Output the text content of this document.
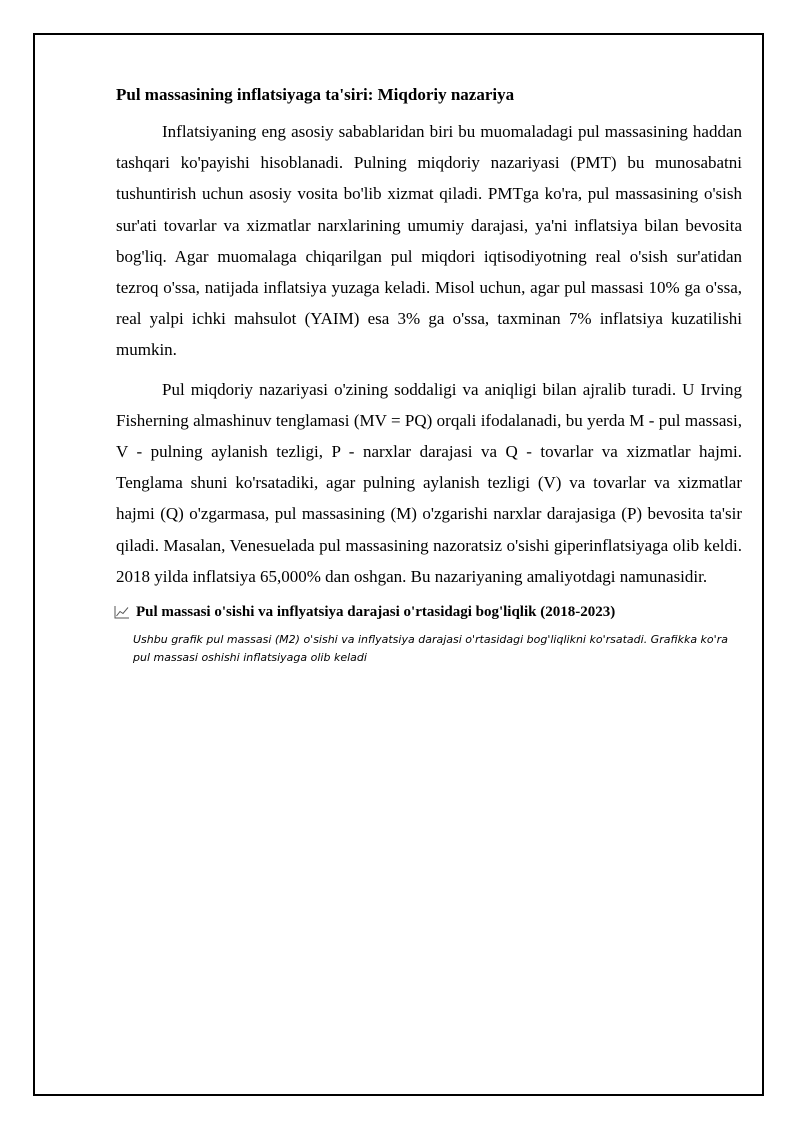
Pul massasining inflatsiyaga ta'siri: Miqdoriy nazariya

Inflatsiyaning eng asosiy sabablaridan biri bu muomaladagi pul massasining haddan tashqari ko'payishi hisoblanadi. Pulning miqdoriy nazariyasi (PMT) bu munosabatni tushuntirish uchun asosiy vosita bo'lib xizmat qiladi. PMTga ko'ra, pul massasining o'sish sur'ati tovarlar va xizmatlar narxlarining umumiy darajasi, ya'ni inflatsiya bilan bevosita bog'liq. Agar muomalaga chiqarilgan pul miqdori iqtisodiyotning real o'sish sur'atidan tezroq o'ssa, natijada inflatsiya yuzaga keladi. Misol uchun, agar pul massasi 10% ga o'ssa, real yalpi ichki mahsulot (YAIM) esa 3% ga o'ssa, taxminan 7% inflatsiya kuzatilishi mumkin.

Pul miqdoriy nazariyasi o'zining soddaligi va aniqligi bilan ajralib turadi. U Irving Fisherning almashinuv tenglamasi (MV = PQ) orqali ifodalanadi, bu yerda M - pul massasi, V - pulning aylanish tezligi, P - narxlar darajasi va Q - tovarlar va xizmatlar hajmi. Tenglama shuni ko'rsatadiki, agar pulning aylanish tezligi (V) va tovarlar va xizmatlar hajmi (Q) o'zgarmasa, pul massasining (M) o'zgarishi narxlar darajasiga (P) bevosita ta'sir qiladi. Masalan, Venesuelada pul massasining nazoratsiz o'sishi giperinflatsiyaga olib keldi. 2018 yilda inflatsiya 65,000% dan oshgan. Bu nazariyaning amaliyotdagi namunasidir.

Pul massasi o'sishi va inflyatsiya darajasi o'rtasidagi bog'liqlik (2018-2023)
Ushbu grafik pul massasi (M2) o'sishi va inflyatsiya darajasi o'rtasidagi bog'liqlikni ko'rsatadi. Grafikka ko'ra pul massasi oshishi inflatsiyaga olib keladi
